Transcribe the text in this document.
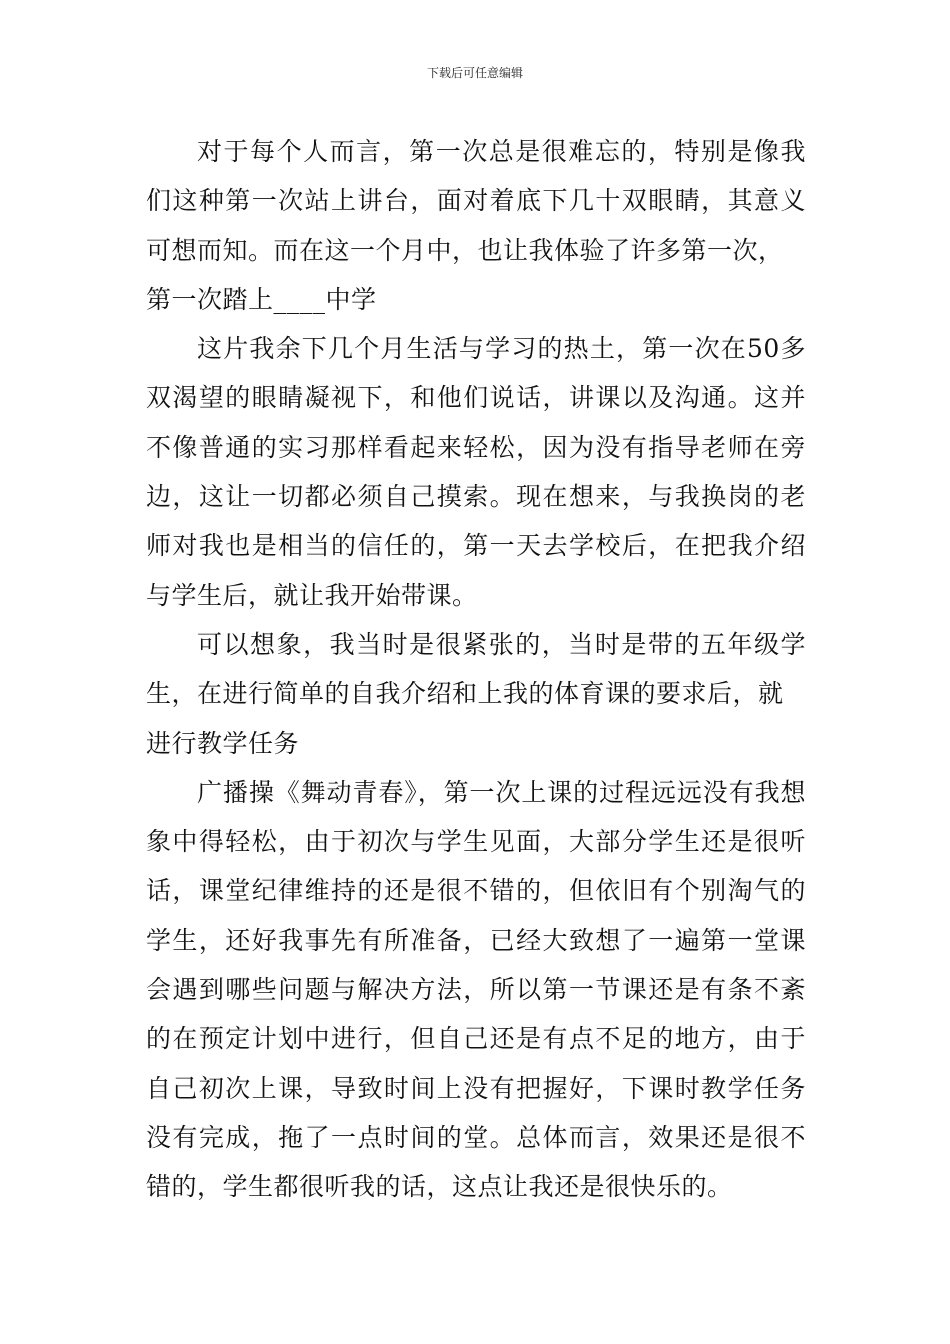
下载后可任意编辑

对于每个人而言，第一次总是很难忘的，特别是像我们这种第一次站上讲台，面对着底下几十双眼睛，其意义可想而知。而在这一个月中，也让我体验了许多第一次，

第一次踏上____中学

这片我余下几个月生活与学习的热土，第一次在50多双渴望的眼睛凝视下，和他们说话，讲课以及沟通。这并不像普通的实习那样看起来轻松，因为没有指导老师在旁边，这让一切都必须自己摸索。现在想来，与我换岗的老师对我也是相当的信任的，第一天去学校后，在把我介绍与学生后，就让我开始带课。

可以想象，我当时是很紧张的，当时是带的五年级学生，在进行简单的自我介绍和上我的体育课的要求后，就

进行教学任务

广播操《舞动青春》，第一次上课的过程远远没有我想象中得轻松，由于初次与学生见面，大部分学生还是很听话，课堂纪律维持的还是很不错的，但依旧有个别淘气的学生，还好我事先有所准备，已经大致想了一遍第一堂课会遇到哪些问题与解决方法，所以第一节课还是有条不紊的在预定计划中进行，但自己还是有点不足的地方，由于自己初次上课，导致时间上没有把握好，下课时教学任务没有完成，拖了一点时间的堂。总体而言，效果还是很不错的，学生都很听我的话，这点让我还是很快乐的。
